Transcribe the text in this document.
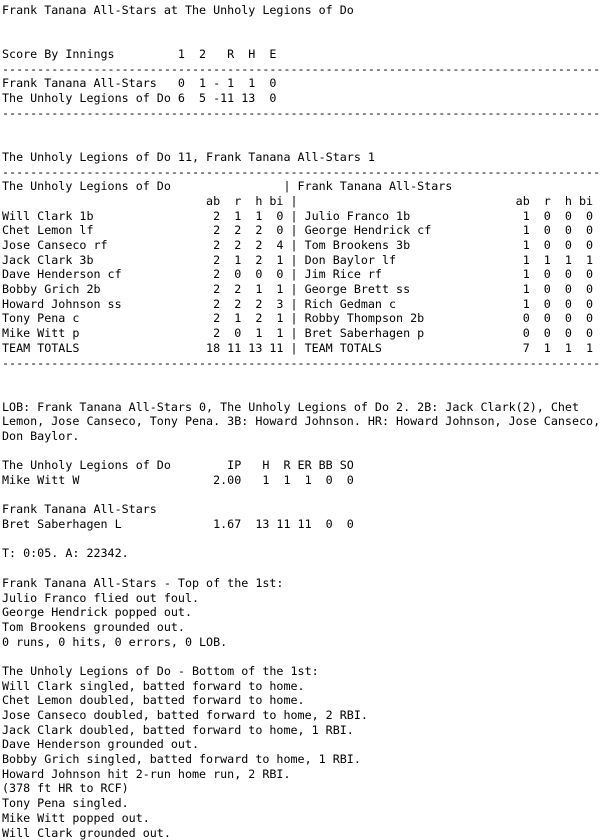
Frank Tanana All-Stars at The Unholy Legions of Do
Score By Innings         1  2   R  H  E
-------------------------------------------------------------------------------------
Frank Tanana All-Stars   0  1 - 1  1  0
The Unholy Legions of Do 6  5 -11 13  0
-------------------------------------------------------------------------------------
The Unholy Legions of Do 11, Frank Tanana All-Stars 1
-------------------------------------------------------------------------------------
The Unholy Legions of Do                | Frank Tanana All-Stars
ab  r  h bi |                               ab  r  h bi
Will Clark 1b                 2  1  1  0 | Julio Franco 1b                1  0  0  0
Chet Lemon lf                 2  2  2  0 | George Hendrick cf             1  0  0  0
Jose Canseco rf               2  2  2  4 | Tom Brookens 3b                1  0  0  0
Jack Clark 3b                 2  1  2  1 | Don Baylor lf                  1  1  1  1
Dave Henderson cf             2  0  0  0 | Jim Rice rf                    1  0  0  0
Bobby Grich 2b                2  2  1  1 | George Brett ss                1  0  0  0
Howard Johnson ss             2  2  2  3 | Rich Gedman c                  1  0  0  0
Tony Pena c                   2  1  2  1 | Robby Thompson 2b              0  0  0  0
Mike Witt p                   2  0  1  1 | Bret Saberhagen p              0  0  0  0
TEAM TOTALS                  18 11 13 11 | TEAM TOTALS                    7  1  1  1
-------------------------------------------------------------------------------------
LOB: Frank Tanana All-Stars 0, The Unholy Legions of Do 2. 2B: Jack Clark(2), Chet
Lemon, Jose Canseco, Tony Pena. 3B: Howard Johnson. HR: Howard Johnson, Jose Canseco,
Don Baylor.
The Unholy Legions of Do        IP   H  R ER BB SO
Mike Witt W                   2.00   1  1  1  0  0
Frank Tanana All-Stars
Bret Saberhagen L             1.67  13 11 11  0  0
T: 0:05. A: 22342.
Frank Tanana All-Stars - Top of the 1st:
Julio Franco flied out foul.
George Hendrick popped out.
Tom Brookens grounded out.
0 runs, 0 hits, 0 errors, 0 LOB.
The Unholy Legions of Do - Bottom of the 1st:
Will Clark singled, batted forward to home.
Chet Lemon doubled, batted forward to home.
Jose Canseco doubled, batted forward to home, 2 RBI.
Jack Clark doubled, batted forward to home, 1 RBI.
Dave Henderson grounded out.
Bobby Grich singled, batted forward to home, 1 RBI.
Howard Johnson hit 2-run home run, 2 RBI.
(378 ft HR to RCF)
Tony Pena singled.
Mike Witt popped out.
Will Clark grounded out.
